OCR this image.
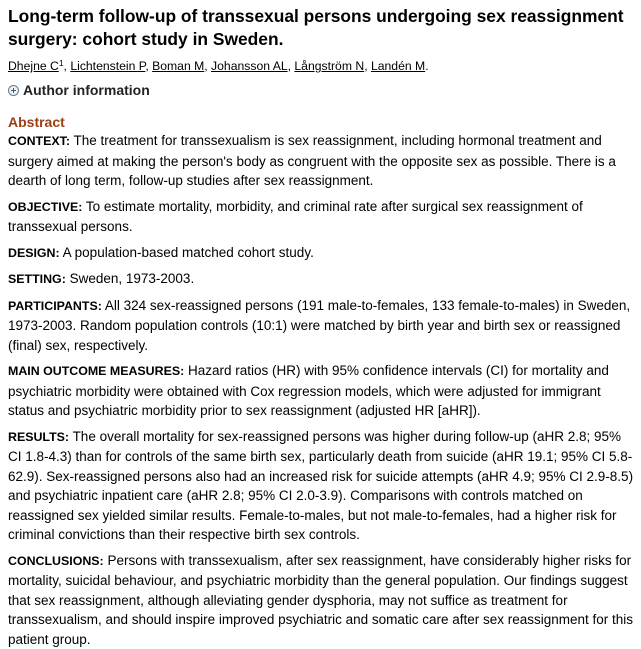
Long-term follow-up of transsexual persons undergoing sex reassignment surgery: cohort study in Sweden.
Dhejne $C^1$, Lichtenstein P, Boman M, Johansson AL, Långström N, Landén M.
Author information
Abstract

CONTEXT: The treatment for transsexualism is sex reassignment, including hormonal treatment and surgery aimed at making the person's body as congruent with the opposite sex as possible. There is a dearth of long term, follow-up studies after sex reassignment.

OBJECTIVE: To estimate mortality, morbidity, and criminal rate after surgical sex reassignment of transsexual persons.

DESIGN: A population-based matched cohort study.

SETTING: Sweden, 1973-2003.

PARTICIPANTS: All 324 sex-reassigned persons (191 male-to-females, 133 female-to-males) in Sweden, 1973-2003. Random population controls (10:1) were matched by birth year and birth sex or reassigned (final) sex, respectively.

MAIN OUTCOME MEASURES: Hazard ratios (HR) with 95% confidence intervals (CI) for mortality and psychiatric morbidity were obtained with Cox regression models, which were adjusted for immigrant status and psychiatric morbidity prior to sex reassignment (adjusted HR [aHR]).

RESULTS: The overall mortality for sex-reassigned persons was higher during follow-up (aHR 2.8; 95% CI 1.8-4.3) than for controls of the same birth sex, particularly death from suicide (aHR 19.1; 95% CI 5.8-62.9). Sex-reassigned persons also had an increased risk for suicide attempts (aHR 4.9; 95% CI 2.9-8.5) and psychiatric inpatient care (aHR 2.8; 95% CI 2.0-3.9). Comparisons with controls matched on reassigned sex yielded similar results. Female-to-males, but not male-to-females, had a higher risk for criminal convictions than their respective birth sex controls.

CONCLUSIONS: Persons with transsexualism, after sex reassignment, have considerably higher risks for mortality, suicidal behaviour, and psychiatric morbidity than the general population. Our findings suggest that sex reassignment, although alleviating gender dysphoria, may not suffice as treatment for transsexualism, and should inspire improved psychiatric and somatic care after sex reassignment for this patient group.
